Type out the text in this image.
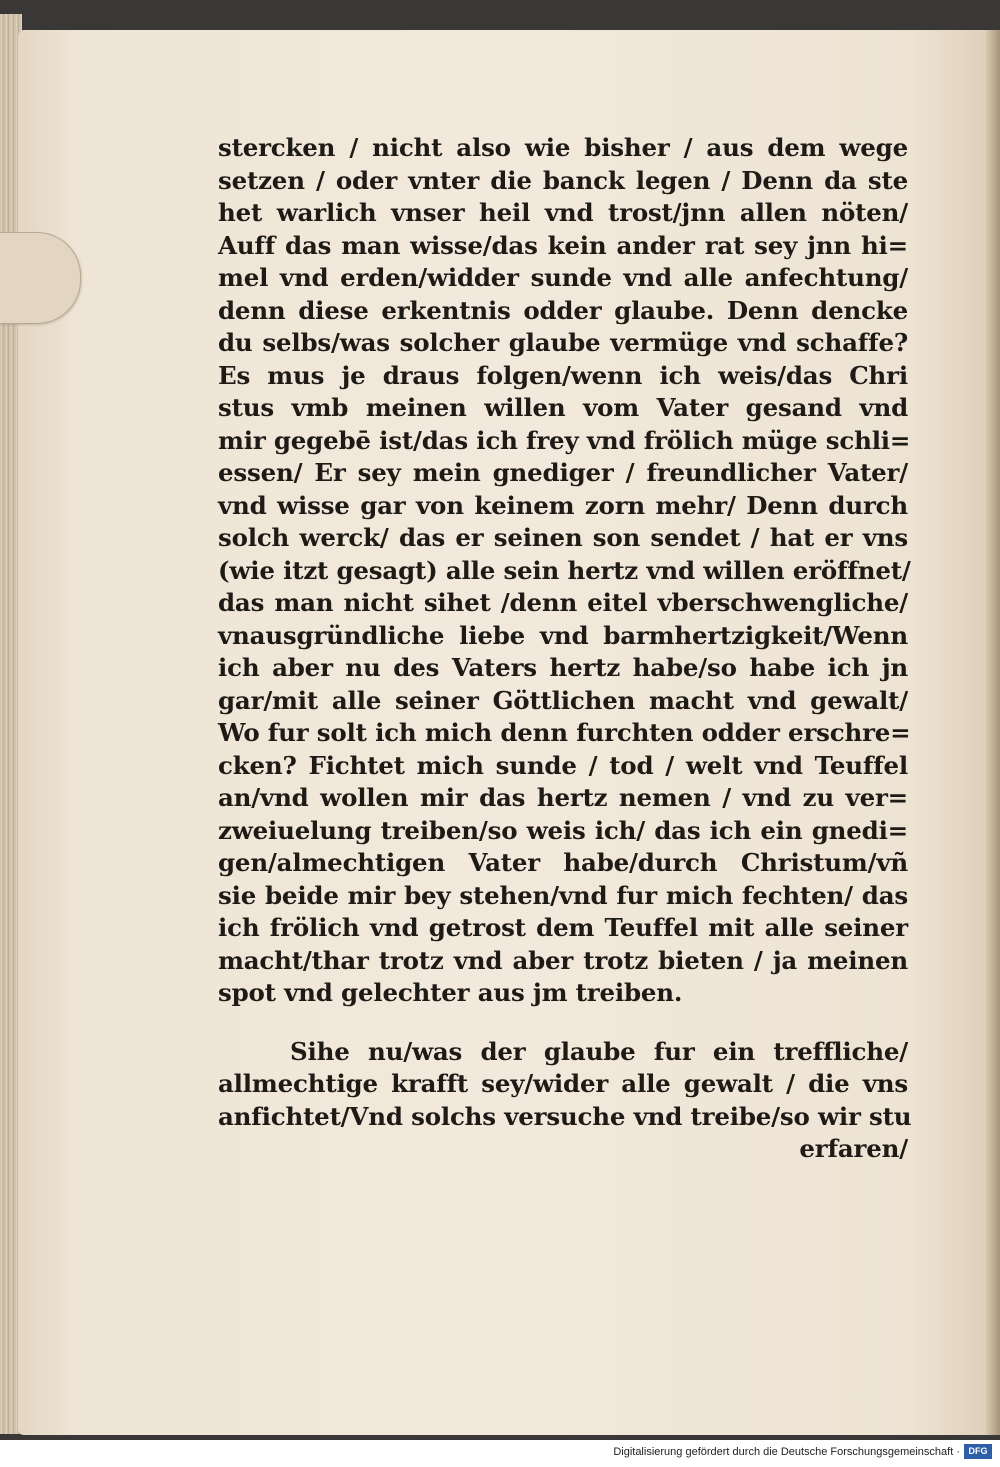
stercken / nicht also wie bisher / aus dem wege
setzen / oder vnter die banck legen / Denn da ste
het warlich vnser heil vnd trost/jnn allen nöten/
Auff das man wisse/das kein ander rat sey jnn hi=
mel vnd erden/widder sunde vnd alle anfechtung/
denn diese erkentnis odder glaube. Denn dencke
du selbs/was solcher glaube vermüge vnd schaffe?
Es mus je draus folgen/wenn ich weis/das Chri
stus vmb meinen willen vom Vater gesand vnd
mir gegebē ist/das ich frey vnd frölich müge schli=
essen/ Er sey mein gnediger / freundlicher Vater/
vnd wisse gar von keinem zorn mehr/ Denn durch
solch werck/ das er seinen son sendet / hat er vns
(wie itzt gesagt) alle sein hertz vnd willen eröffnet/
das man nicht sihet /denn eitel vberschwengliche/
vnausgründliche liebe vnd barmhertzigkeit/Wenn
ich aber nu des Vaters hertz habe/so habe ich jn
gar/mit alle seiner Göttlichen macht vnd gewalt/
Wo fur solt ich mich denn furchten odder erschre=
cken? Fichtet mich sunde / tod / welt vnd Teuffel
an/vnd wollen mir das hertz nemen / vnd zu ver=
zweiuelung treiben/so weis ich/ das ich ein gnedi=
gen/almechtigen Vater habe/durch Christum/vñ
sie beide mir bey stehen/vnd fur mich fechten/ das
ich frölich vnd getrost dem Teuffel mit alle seiner
macht/thar trotz vnd aber trotz bieten / ja meinen
spot vnd gelechter aus jm treiben.
Sihe nu/was der glaube fur ein treffliche/
allmechtige krafft sey/wider alle gewalt / die vns
anfichtet/Vnd solchs versuche vnd treibe/so wir stu
erfaren/
Digitalisierung gefördert durch die Deutsche Forschungsgemeinschaft · DFG
